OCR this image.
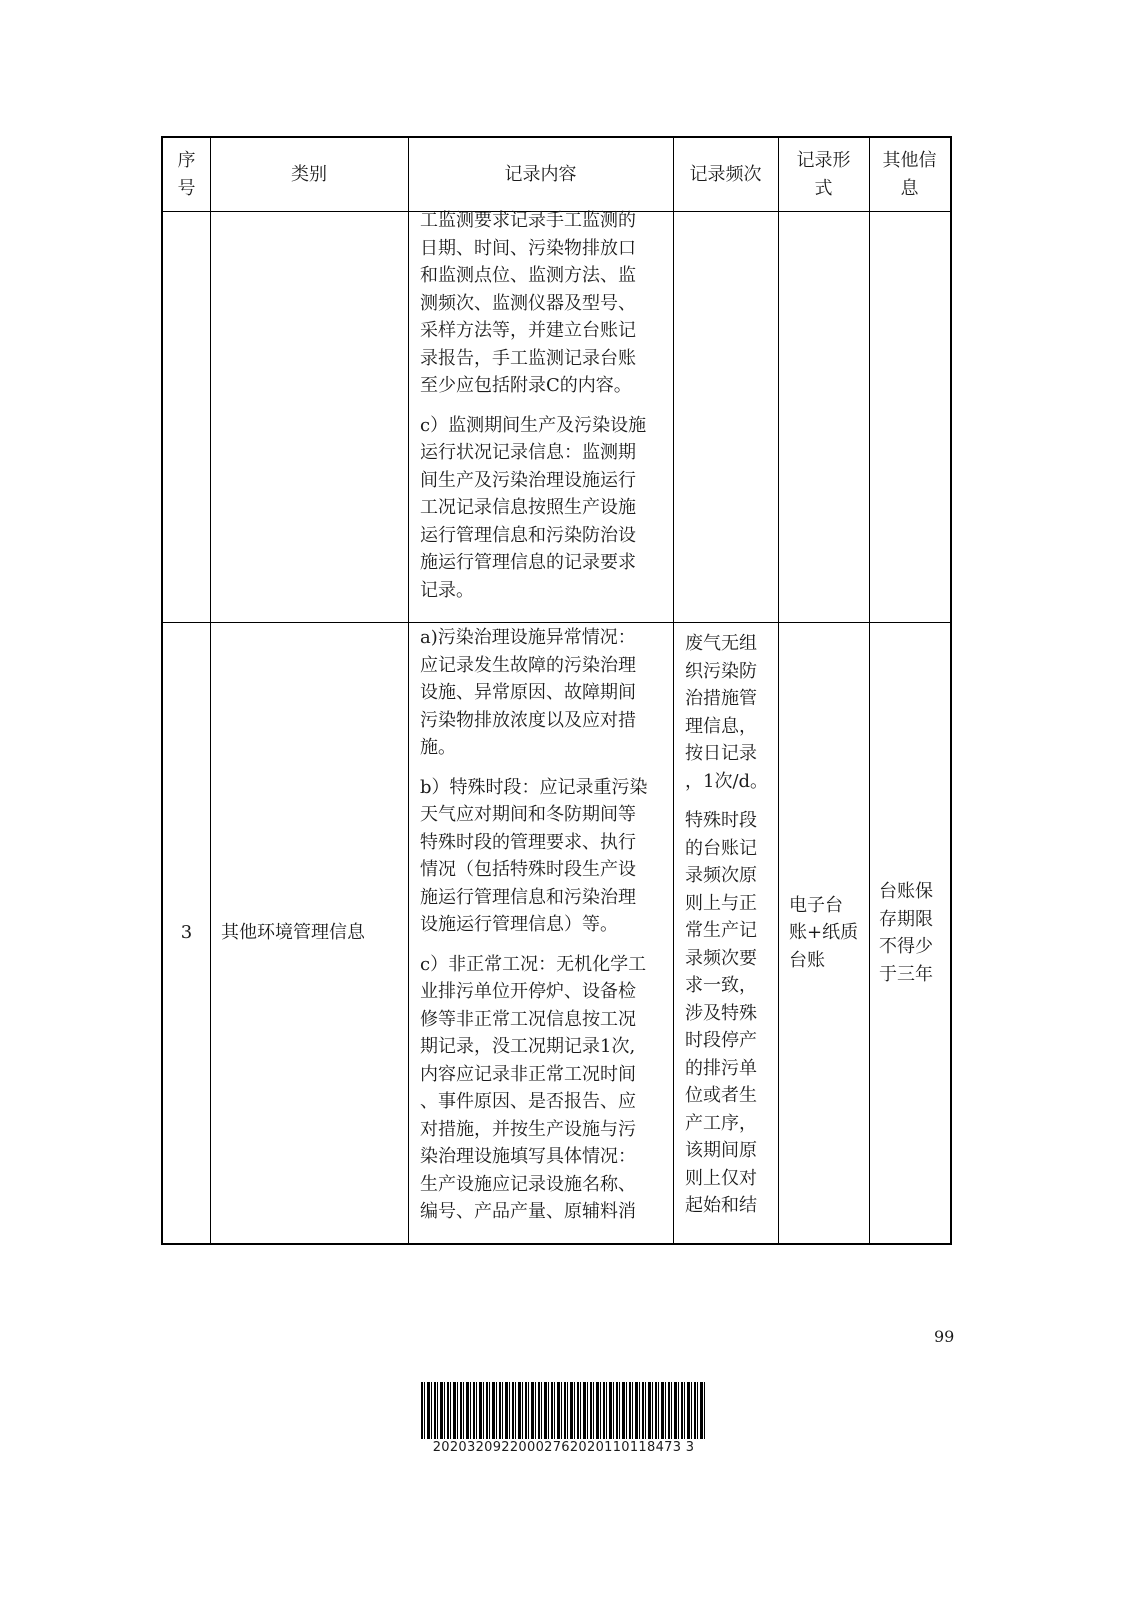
序
号
类别	记录内容	记录频次
记录形
式
其他信
息
工监测要求记录手工监测的
日期、时间、污染物排放口
和监测点位、监测方法、监
测频次、监测仪器及型号、
采样方法等，并建立台账记
录报告，手工监测记录台账
至少应包括附录C的内容。
c）监测期间生产及污染设施
运行状况记录信息：监测期
间生产及污染治理设施运行
工况记录信息按照生产设施
运行管理信息和污染防治设
施运行管理信息的记录要求
记录。
3 其他环境管理信息
a)污染治理设施异常情况：
应记录发生故障的污染治理
设施、异常原因、故障期间
污染物排放浓度以及应对措
施。
b）特殊时段：应记录重污染
天气应对期间和冬防期间等
特殊时段的管理要求、执行
情况（包括特殊时段生产设
施运行管理信息和污染治理
设施运行管理信息）等。
c）非正常工况：无机化学工
业排污单位开停炉、设备检
修等非正常工况信息按工况
期记录，没工况期记录1次,
内容应记录非正常工况时间
、事件原因、是否报告、应
对措施，并按生产设施与污
染治理设施填写具体情况：
生产设施应记录设施名称、
编号、产品产量、原辅料消
废气无组
织污染防
治措施管
理信息，
按日记录
，1次/d。
特殊时段
的台账记
录频次原
则上与正
常生产记
录频次要
求一致，
涉及特殊
时段停产
的排污单
位或者生
产工序，
该期间原
则上仅对
起始和结
电子台
账+纸质
台账
台账保
存期限
不得少
于三年
99
20203209220002762020110118473 3
